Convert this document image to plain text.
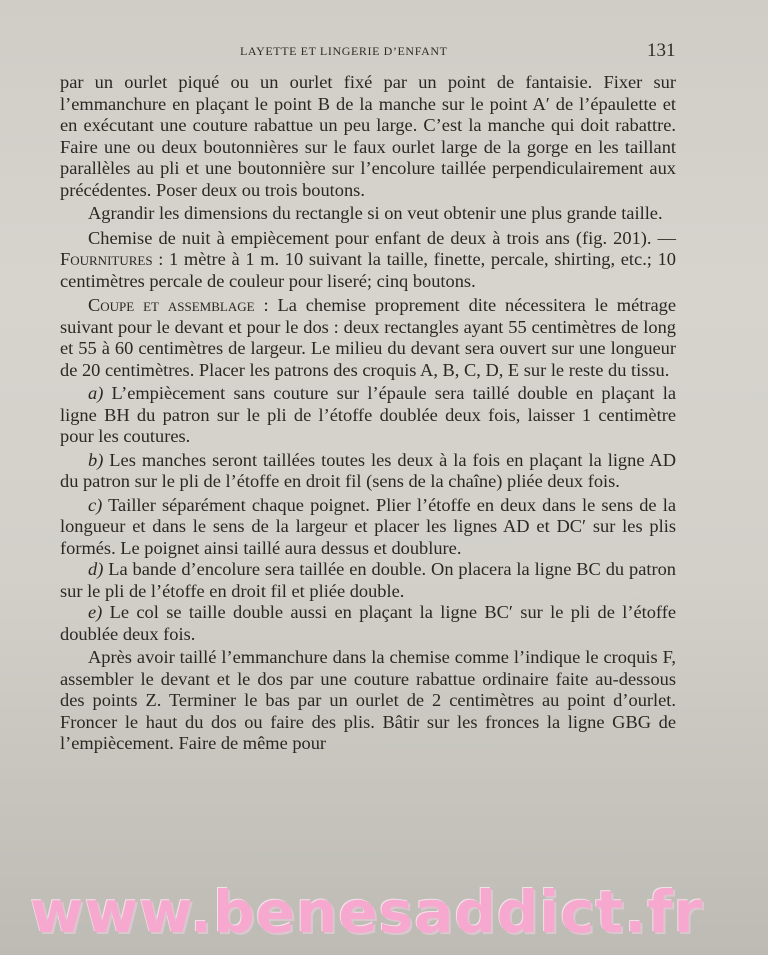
LAYETTE ET LINGERIE D’ENFANT	131

par un ourlet piqué ou un ourlet fixé par un point de fantaisie. Fixer sur l’emmanchure en plaçant le point B de la manche sur le point A′ de l’épaulette et en exécutant une couture rabattue un peu large. C’est la manche qui doit rabattre. Faire une ou deux boutonnières sur le faux ourlet large de la gorge en les taillant parallèles au pli et une boutonnière sur l’encolure taillée perpendiculairement aux précédentes. Poser deux ou trois boutons.

Agrandir les dimensions du rectangle si on veut obtenir une plus grande taille.

Chemise de nuit à empiècement pour enfant de deux à trois ans (fig. 201). — Fournitures : 1 mètre à 1 m. 10 suivant la taille, finette, percale, shirting, etc.; 10 centimètres percale de couleur pour liseré; cinq boutons.

Coupe et assemblage : La chemise proprement dite nécessitera le métrage suivant pour le devant et pour le dos : deux rectangles ayant 55 centimètres de long et 55 à 60 centimètres de largeur. Le milieu du devant sera ouvert sur une longueur de 20 centimètres. Placer les patrons des croquis A, B, C, D, E sur le reste du tissu.

a) L’empiècement sans couture sur l’épaule sera taillé double en plaçant la ligne BH du patron sur le pli de l’étoffe doublée deux fois, laisser 1 centimètre pour les coutures.

b) Les manches seront taillées toutes les deux à la fois en plaçant la ligne AD du patron sur le pli de l’étoffe en droit fil (sens de la chaîne) pliée deux fois.

c) Tailler séparément chaque poignet. Plier l’étoffe en deux dans le sens de la longueur et dans le sens de la largeur et placer les lignes AD et DC′ sur les plis formés. Le poignet ainsi taillé aura dessus et doublure.

d) La bande d’encolure sera taillée en double. On placera la ligne BC du patron sur le pli de l’étoffe en droit fil et pliée double.

e) Le col se taille double aussi en plaçant la ligne BC′ sur le pli de l’étoffe doublée deux fois.

Après avoir taillé l’emmanchure dans la chemise comme l’indique le croquis F, assembler le devant et le dos par une couture rabattue ordinaire faite au-dessous des points Z. Terminer le bas par un ourlet de 2 centimètres au point d’ourlet. Froncer le haut du dos ou faire des plis. Bâtir sur les fronces la ligne GBG de l’empiècement. Faire de même pour

www.benesaddict.fr
